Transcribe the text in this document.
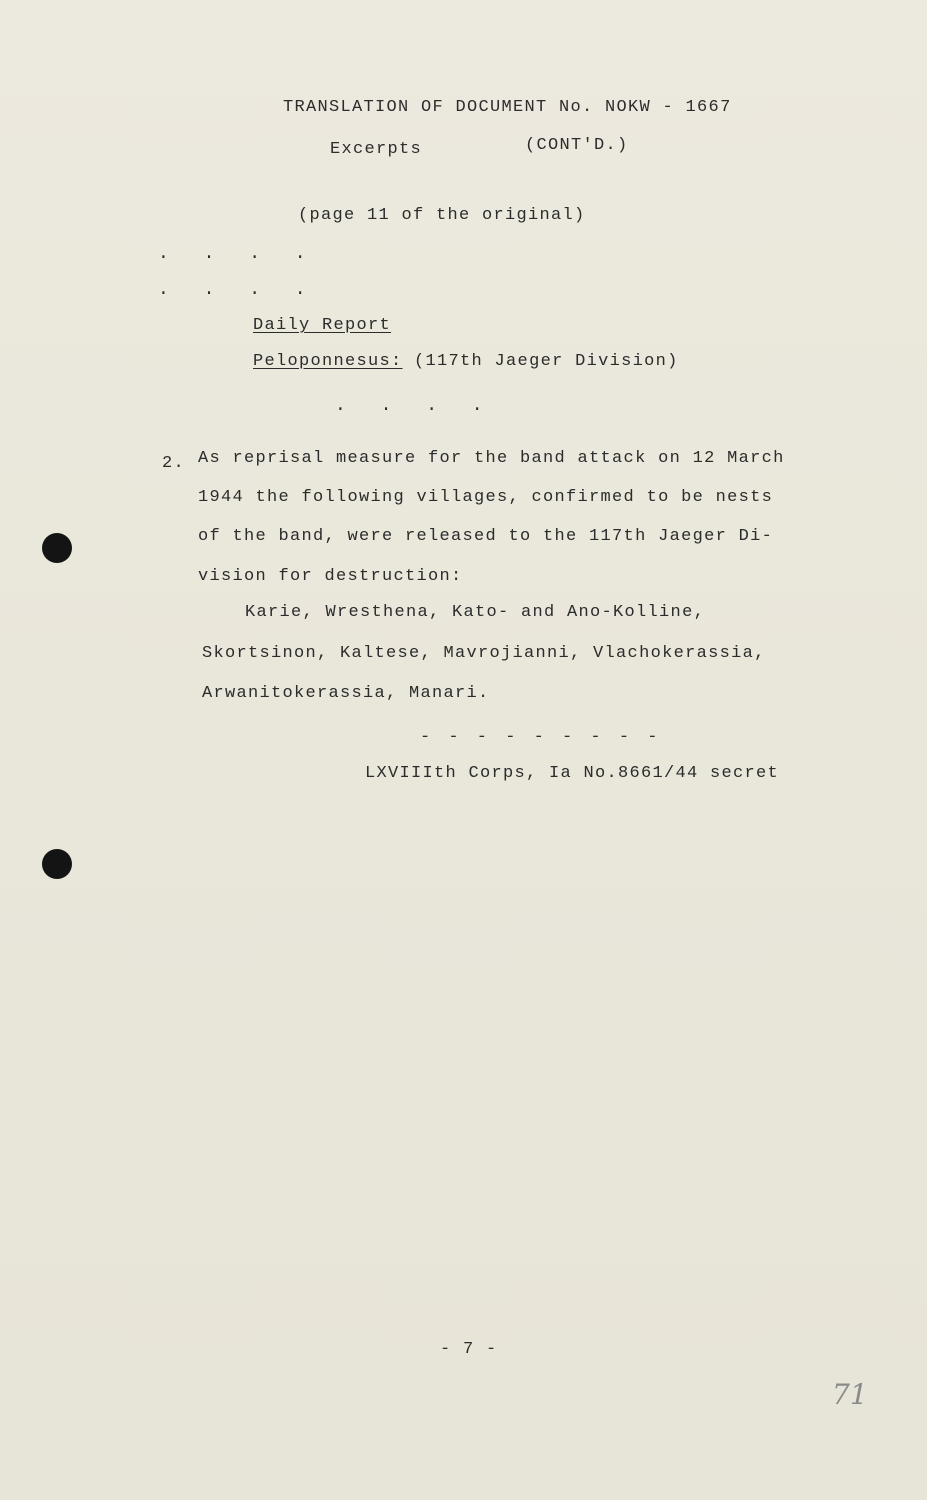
TRANSLATION OF DOCUMENT No. NOKW - 1667
Excerpts	(CONT'D.)
(page 11 of the original)
. . . .
. . . .
Daily Report
Peloponnesus: (117th Jaeger Division)
. . . .
2. As reprisal measure for the band attack on 12 March
1944 the following villages, confirmed to be nests
of the band, were released to the 117th Jaeger Di-
vision for destruction:
Karie, Wresthena, Kato- and Ano-Kolline,
Skortsinon, Kaltese, Mavrojianni, Vlachokerassia,
Arwanitokerassia, Manari.
- - - - - - - - -
LXVIIIth Corps, Ia No.8661/44 secret
- 7 -
71
